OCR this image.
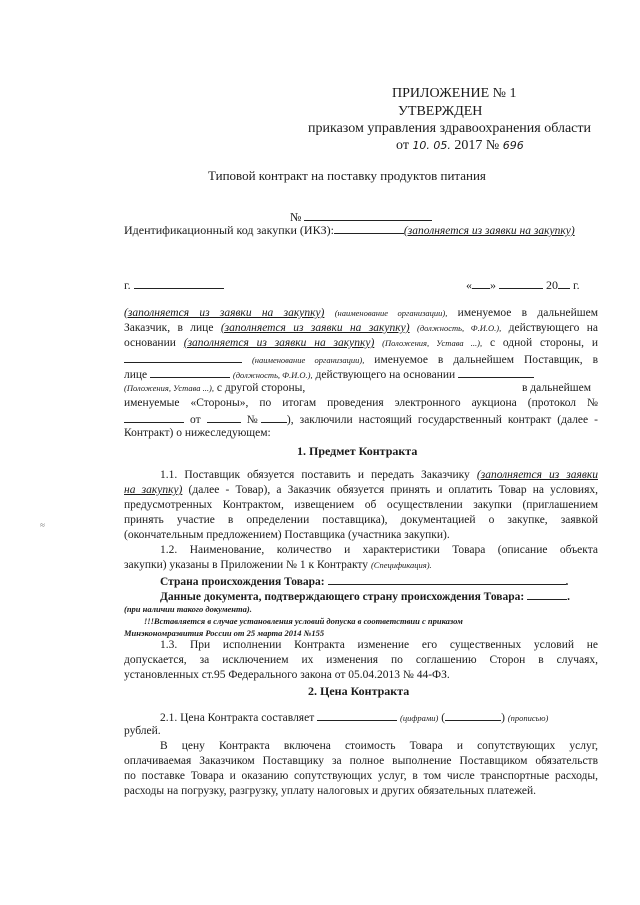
ПРИЛОЖЕНИЕ № 1
УТВЕРЖДЕН
приказом управления здравоохранения области
от 10. 05. 2017 № 696
Типовой контракт на поставку продуктов питания
№
Идентификационный код закупки (ИКЗ):	(заполняется из заявки на закупку)
г.	« »	20 г.
(заполняется из заявки на закупку) (наименование организации), именуемое в дальнейшем
Заказчик, в лице (заполняется из заявки на закупку) (должность, Ф.И.О.), действующего на
основании (заполняется из заявки на закупку) (Положения, Устава ...), с одной стороны, и
(наименование организации), именуемое в дальнейшем Поставщик, в
лице	(должность, Ф.И.О.), действующего на основании
(Положения, Устава ...), с другой стороны,	в дальнейшем
именуемые «Стороны», по итогам проведения электронного аукциона (протокол №
от	№ ), заключили настоящий государственный контракт (далее -
Контракт) о нижеследующем:
1. Предмет Контракта
1.1. Поставщик обязуется поставить и передать Заказчику (заполняется из заявки
на закупку) (далее - Товар), а Заказчик обязуется принять и оплатить Товар на условиях,
предусмотренных Контрактом, извещением об осуществлении закупки (приглашением
принять участие в определении поставщика), документацией о закупке, заявкой
(окончательным предложением) Поставщика (участника закупки).
1.2. Наименование, количество и характеристики Товара (описание объекта
закупки) указаны в Приложении № 1 к Контракту (Спецификация).
Страна происхождения Товара:	.
Данные документа, подтверждающего страну происхождения Товара:	.
(при наличии такого документа).
!!!Вставляется в случае установления условий допуска в соответствии с приказом
Минэкономразвития России от 25 марта 2014 №155
1.3. При исполнении Контракта изменение его существенных условий не
допускается, за исключением их изменения по соглашению Сторон в случаях,
установленных ст.95 Федерального закона от 05.04.2013 № 44-ФЗ.
2. Цена Контракта
2.1. Цена Контракта составляет	(цифрами) (	) (прописью)
рублей.
В цену Контракта включена стоимость Товара и сопутствующих услуг,
оплачиваемая Заказчиком Поставщику за полное выполнение Поставщиком обязательств
по поставке Товара и оказанию сопутствующих услуг, в том числе транспортные расходы,
расходы на погрузку, разгрузку, уплату налоговых и других обязательных платежей.
≈
